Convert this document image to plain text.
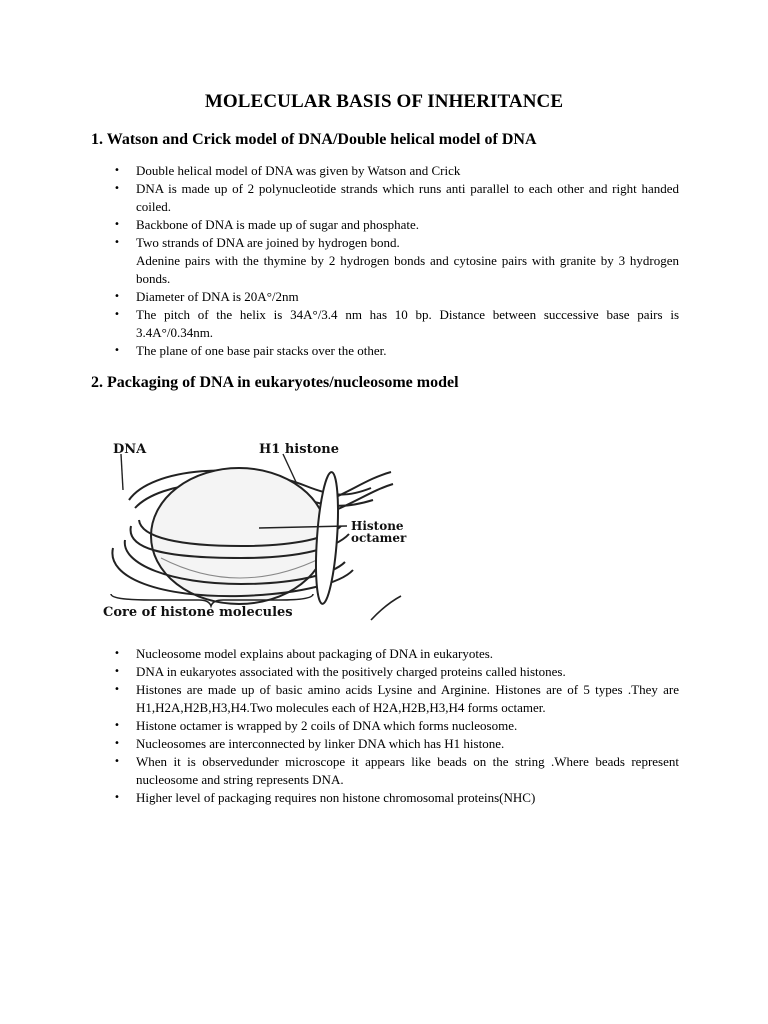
MOLECULAR BASIS OF INHERITANCE
1. Watson and Crick model of DNA/Double helical model of DNA
• Double helical model of DNA was given by Watson and Crick
• DNA is made up of 2 polynucleotide strands which runs anti parallel to each other and right handed coiled.
• Backbone of DNA is made up of sugar and phosphate.
• Two strands of DNA are joined by hydrogen bond.
Adenine pairs with the thymine by 2 hydrogen bonds and cytosine pairs with granite by 3 hydrogen bonds.
• Diameter of DNA is 20A°/2nm
• The pitch of the helix is 34A°/3.4 nm has 10 bp. Distance between successive base pairs is 3.4A°/0.34nm.
• The plane of one base pair stacks over the other.
2. Packaging of DNA in eukaryotes/nucleosome model
DNA	H1 histone
Histone
octamer
Core of histone molecules
• Nucleosome model explains about packaging of DNA in eukaryotes.
• DNA in eukaryotes associated with the positively charged proteins called histones.
• Histones are made up of basic amino acids Lysine and Arginine. Histones are of 5 types .They are H1,H2A,H2B,H3,H4.Two molecules each of H2A,H2B,H3,H4 forms octamer.
• Histone octamer is wrapped by 2 coils of DNA which forms nucleosome.
• Nucleosomes are interconnected by linker DNA which has H1 histone.
• When it is observedunder microscope it appears like beads on the string .Where beads represent nucleosome and string represents DNA.
• Higher level of packaging requires non histone chromosomal proteins(NHC)
